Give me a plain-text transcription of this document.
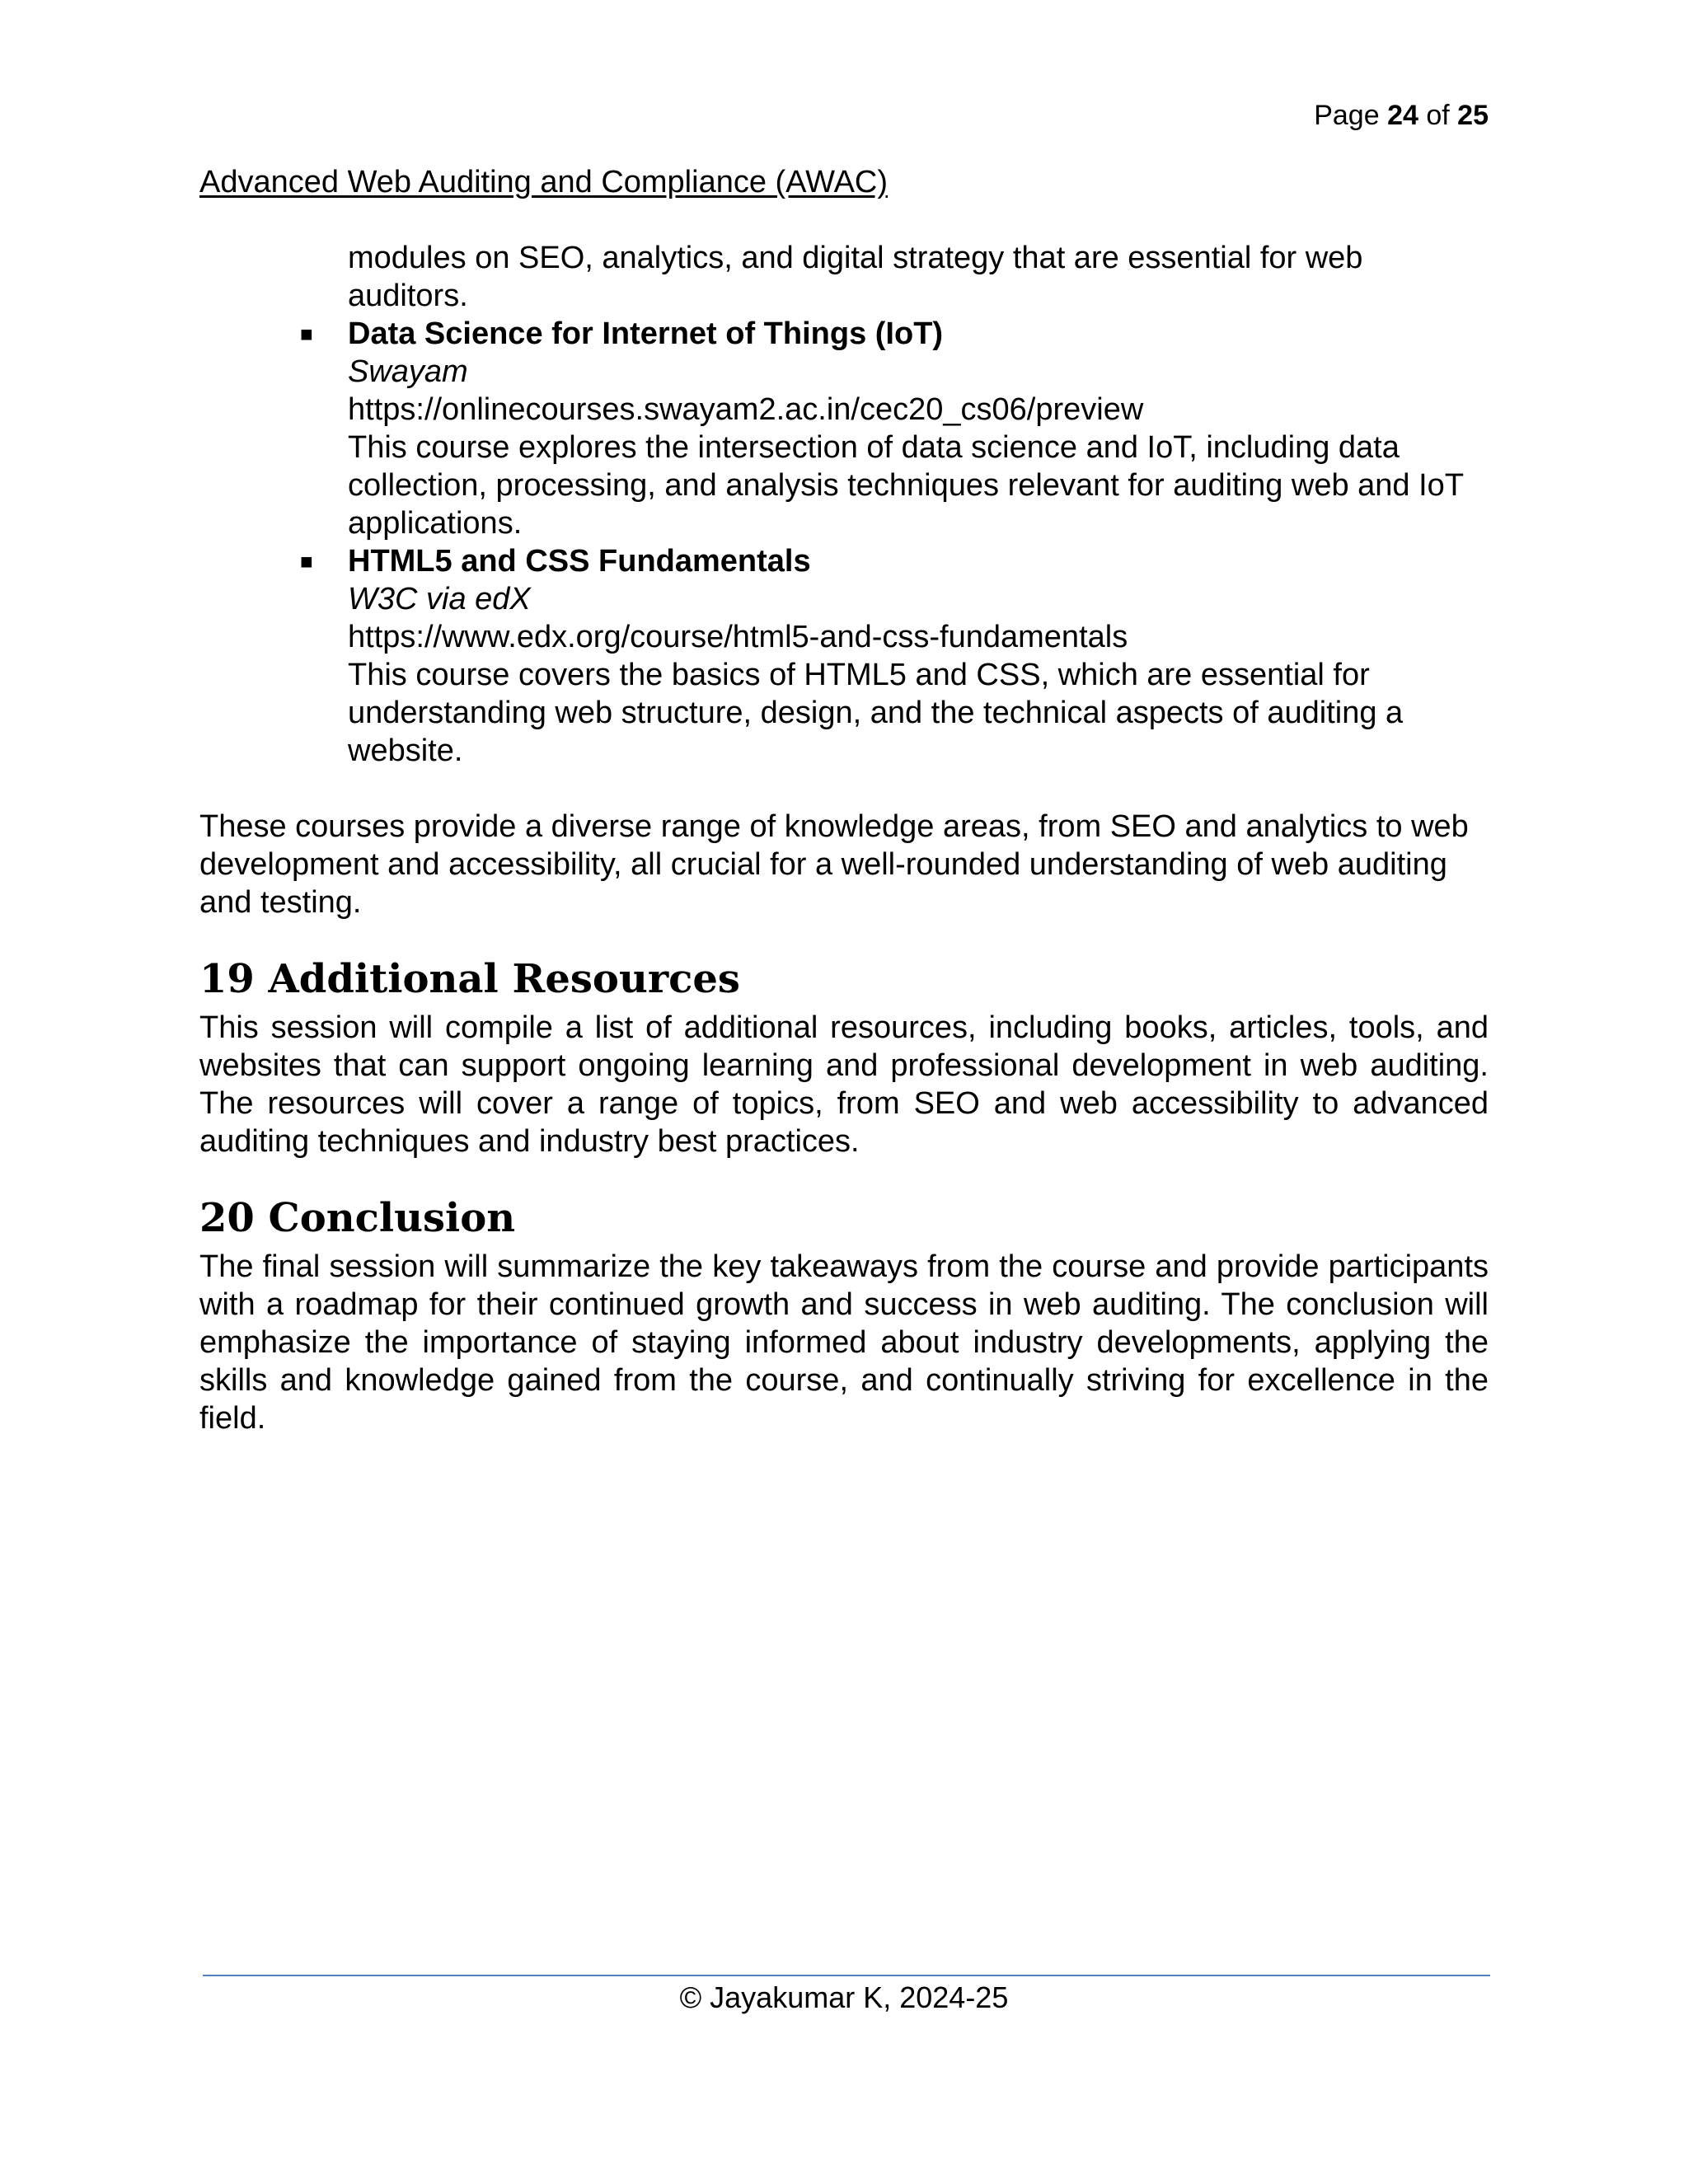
Page 24 of 25
Advanced Web Auditing and Compliance (AWAC)
modules on SEO, analytics, and digital strategy that are essential for web auditors.
■ Data Science for Internet of Things (IoT)
Swayam
https://onlinecourses.swayam2.ac.in/cec20_cs06/preview
This course explores the intersection of data science and IoT, including data collection, processing, and analysis techniques relevant for auditing web and IoT applications.
■ HTML5 and CSS Fundamentals
W3C via edX
https://www.edx.org/course/html5-and-css-fundamentals
This course covers the basics of HTML5 and CSS, which are essential for understanding web structure, design, and the technical aspects of auditing a website.

These courses provide a diverse range of knowledge areas, from SEO and analytics to web development and accessibility, all crucial for a well-rounded understanding of web auditing and testing.

19 Additional Resources

This session will compile a list of additional resources, including books, articles, tools, and websites that can support ongoing learning and professional development in web auditing. The resources will cover a range of topics, from SEO and web accessibility to advanced auditing techniques and industry best practices.

20 Conclusion

The final session will summarize the key takeaways from the course and provide participants with a roadmap for their continued growth and success in web auditing. The conclusion will emphasize the importance of staying informed about industry developments, applying the skills and knowledge gained from the course, and continually striving for excellence in the field.

© Jayakumar K, 2024-25
